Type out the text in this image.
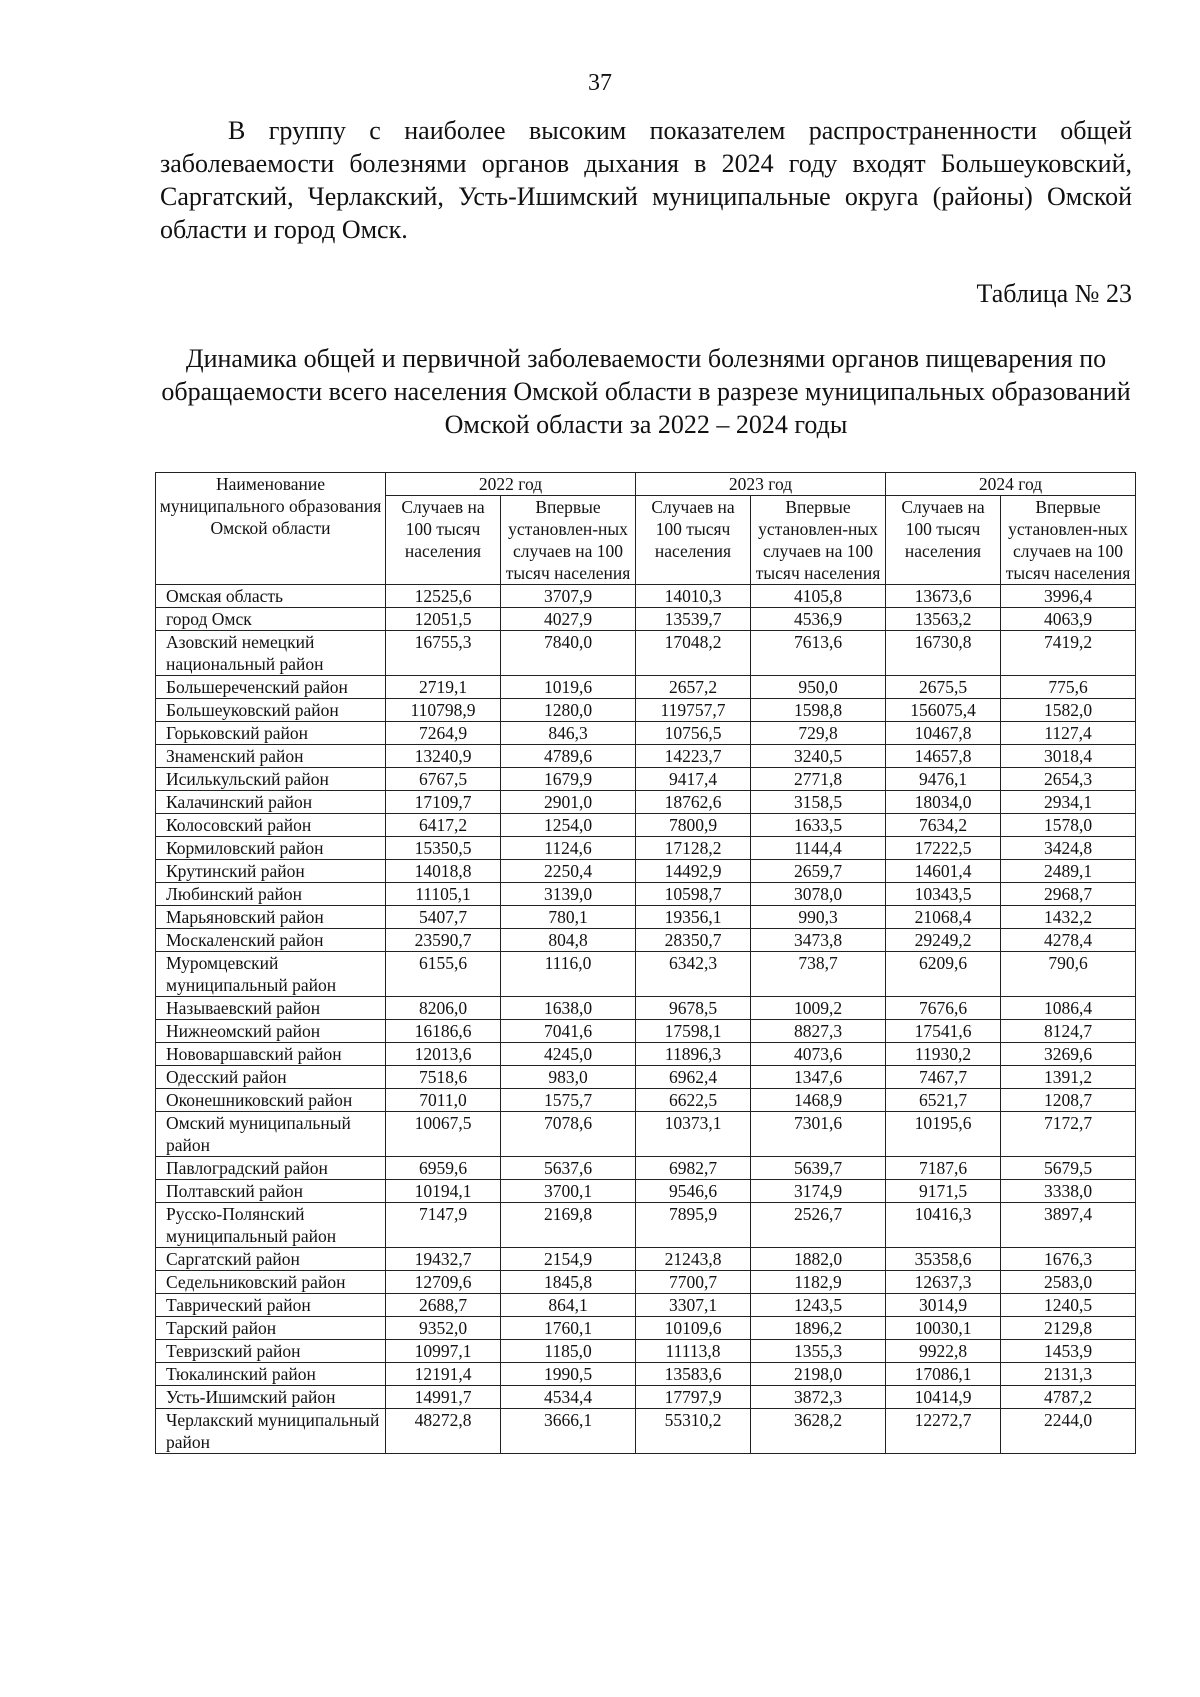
37

В группу с наиболее высоким показателем распространенности общей заболеваемости болезнями органов дыхания в 2024 году входят Большеуковский, Саргатский, Черлакский, Усть-Ишимский муниципальные округа (районы) Омской области и город Омск.

Таблица № 23

Динамика общей и первичной заболеваемости болезнями органов пищеварения по обращаемости всего населения Омской области в разрезе муниципальных образований Омской области за 2022 – 2024 годы

Наименование муниципального образования Омской области	2022 год		2023 год		2024 год	
	Случаев на 100 тысяч населения	Впервые установлен-ных случаев на 100 тысяч населения	Случаев на 100 тысяч населения	Впервые установлен-ных случаев на 100 тысяч населения	Случаев на 100 тысяч населения	Впервые установлен-ных случаев на 100 тысяч населения
Омская область	12525,6	3707,9	14010,3	4105,8	13673,6	3996,4
город Омск	12051,5	4027,9	13539,7	4536,9	13563,2	4063,9
Азовский немецкий национальный район	16755,3	7840,0	17048,2	7613,6	16730,8	7419,2
Большереченский район	2719,1	1019,6	2657,2	950,0	2675,5	775,6
Большеуковский район	110798,9	1280,0	119757,7	1598,8	156075,4	1582,0
Горьковский район	7264,9	846,3	10756,5	729,8	10467,8	1127,4
Знаменский район	13240,9	4789,6	14223,7	3240,5	14657,8	3018,4
Исилькульский район	6767,5	1679,9	9417,4	2771,8	9476,1	2654,3
Калачинский район	17109,7	2901,0	18762,6	3158,5	18034,0	2934,1
Колосовский район	6417,2	1254,0	7800,9	1633,5	7634,2	1578,0
Кормиловский район	15350,5	1124,6	17128,2	1144,4	17222,5	3424,8
Крутинский район	14018,8	2250,4	14492,9	2659,7	14601,4	2489,1
Любинский район	11105,1	3139,0	10598,7	3078,0	10343,5	2968,7
Марьяновский район	5407,7	780,1	19356,1	990,3	21068,4	1432,2
Москаленский район	23590,7	804,8	28350,7	3473,8	29249,2	4278,4
Муромцевский муниципальный район	6155,6	1116,0	6342,3	738,7	6209,6	790,6
Называевский район	8206,0	1638,0	9678,5	1009,2	7676,6	1086,4
Нижнеомский район	16186,6	7041,6	17598,1	8827,3	17541,6	8124,7
Нововаршавский район	12013,6	4245,0	11896,3	4073,6	11930,2	3269,6
Одесский район	7518,6	983,0	6962,4	1347,6	7467,7	1391,2
Оконешниковский район	7011,0	1575,7	6622,5	1468,9	6521,7	1208,7
Омский муниципальный район	10067,5	7078,6	10373,1	7301,6	10195,6	7172,7
Павлоградский район	6959,6	5637,6	6982,7	5639,7	7187,6	5679,5
Полтавский район	10194,1	3700,1	9546,6	3174,9	9171,5	3338,0
Русско-Полянский муниципальный район	7147,9	2169,8	7895,9	2526,7	10416,3	3897,4
Саргатский район	19432,7	2154,9	21243,8	1882,0	35358,6	1676,3
Седельниковский район	12709,6	1845,8	7700,7	1182,9	12637,3	2583,0
Таврический район	2688,7	864,1	3307,1	1243,5	3014,9	1240,5
Тарский район	9352,0	1760,1	10109,6	1896,2	10030,1	2129,8
Тевризский район	10997,1	1185,0	11113,8	1355,3	9922,8	1453,9
Тюкалинский район	12191,4	1990,5	13583,6	2198,0	17086,1	2131,3
Усть-Ишимский район	14991,7	4534,4	17797,9	3872,3	10414,9	4787,2
Черлакский муниципальный район	48272,8	3666,1	55310,2	3628,2	12272,7	2244,0
